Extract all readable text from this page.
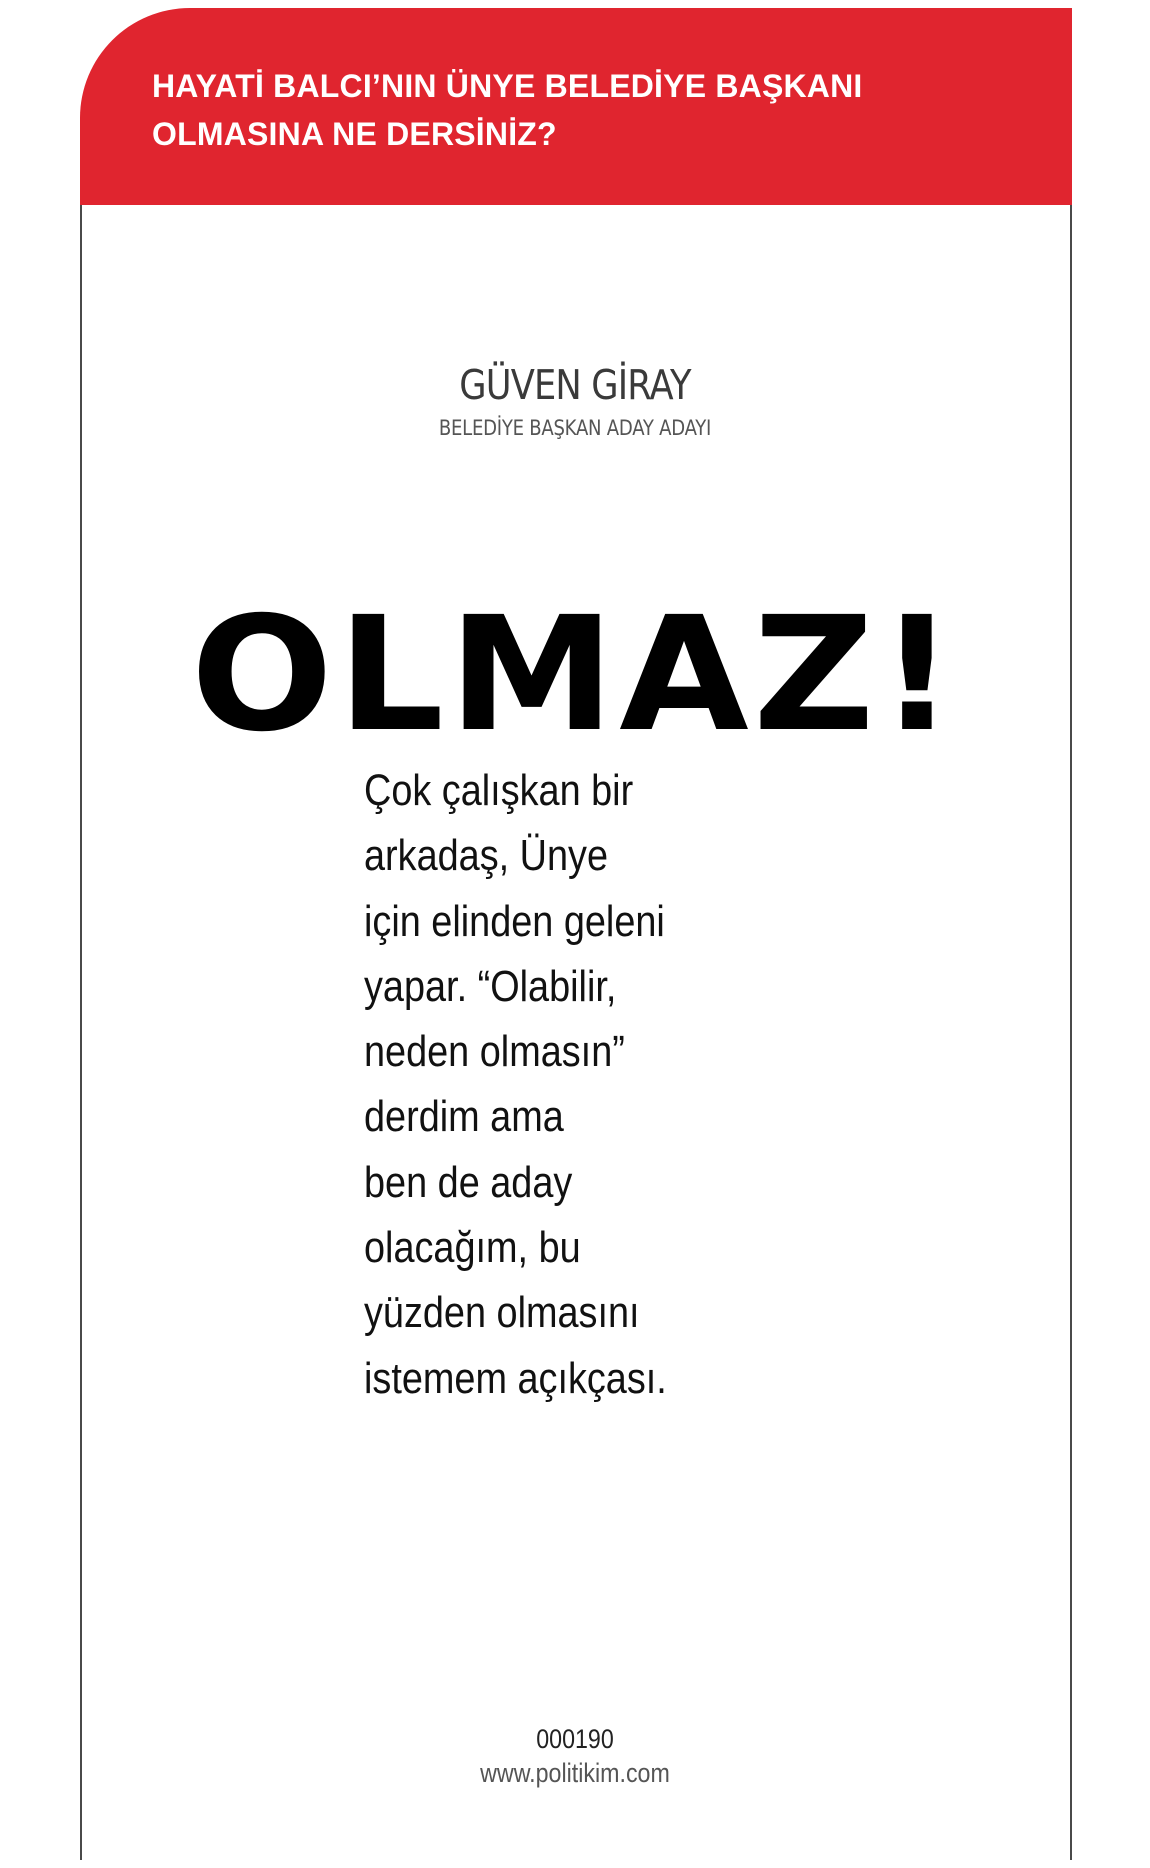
HAYATİ BALCI’NIN ÜNYE BELEDİYE BAŞKANI
OLMASINA NE DERSİNİZ?
GÜVEN GİRAY
BELEDİYE BAŞKAN ADAY ADAYI
OLMAZ!

Çok çalışkan bir
arkadaş, Ünye
için elinden geleni
yapar. “Olabilir,
neden olmasın”
derdim ama
ben de aday
olacağım, bu
yüzden olmasını
istemem açıkçası.

000190
www.politikim.com
